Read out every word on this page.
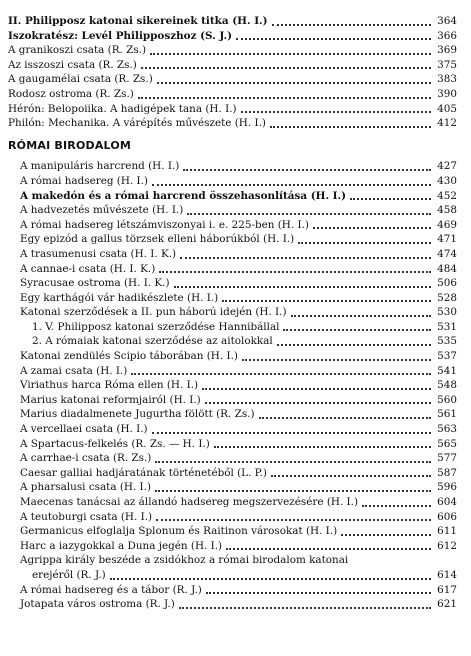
II. Philipposz katonai sikereinek titka (H. I.)	364
Iszokratész: Levél Philipposzhoz (S. J.)	366
A granikoszi csata (R. Zs.)	369
Az isszoszi csata (R. Zs.)	375
A gaugamélai csata (R. Zs.)	383
Rodosz ostroma (R. Zs.)	390
Hérón: Belopoiika. A hadigépek tana (H. I.)	405
Philón: Mechanika. A várépítés művészete (H. I.)	412
RÓMAI BIRODALOM
A manipuláris harcrend (H. I.)	427
A római hadsereg (H. I.)	430
A makedón és a római harcrend összehasonlítása (H. I.)	452
A hadvezetés művészete (H. I.)	458
A római hadsereg létszámviszonyai i. e. 225-ben (H. I.)	469
Egy epizód a gallus törzsek elleni háborúkból (H. I.)	471
A trasumenusi csata (H. I. K.)	474
A cannae-i csata (H. I. K.)	484
Syracusae ostroma (H. I. K.)	506
Egy karthágói vár hadikészlete (H. I.)	528
Katonai szerződések a II. pun háború idején (H. I.)	530
1. V. Philipposz katonai szerződése Hannibállal	531
2. A rómaiak katonai szerződése az aitolokkal	535
Katonai zendülés Scipio táborában (H. I.)	537
A zamai csata (H. I.)	541
Viriathus harca Róma ellen (H. I.)	548
Marius katonai reformjairól (H. I.)	560
Marius diadalmenete Jugurtha fölött (R. Zs.)	561
A vercellaei csata (H. I.)	563
A Spartacus-felkelés (R. Zs. — H. I.)	565
A carrhae-i csata (R. Zs.)	577
Caesar galliai hadjáratának történetéből (L. P.)	587
A pharsalusi csata (H. I.)	596
Maecenas tanácsai az állandó hadsereg megszervezésére (H. I.)	604
A teutoburgi csata (H. I.)	606
Germanicus elfoglalja Splonum és Raitinon városokat (H. I.)	611
Harc a iazygokkal a Duna jegén (H. I.)	612
Agrippa király beszéde a zsidókhoz a római birodalom katonai
erejéről (R. J.)	614
A római hadsereg és a tábor (R. J.)	617
Jotapata város ostroma (R. J.)	621
